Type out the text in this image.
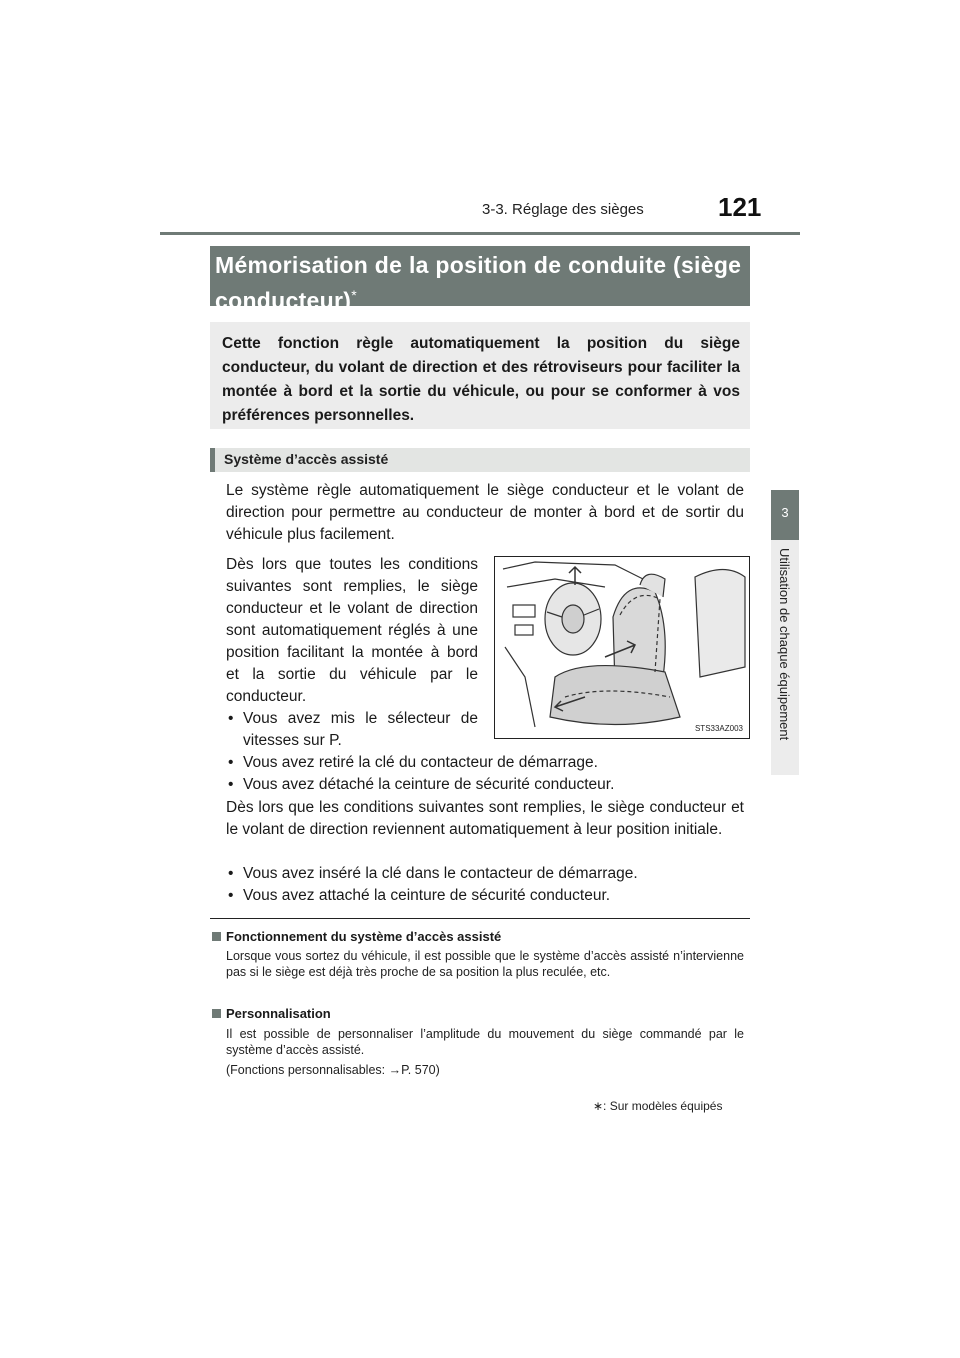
3-3. Réglage des sièges	121
3
Utilisation de chaque équipement
Mémorisation de la position de conduite (siège conducteur)*
Cette fonction règle automatiquement la position du siège conducteur, du volant de direction et des rétroviseurs pour faciliter la montée à bord et la sortie du véhicule, ou pour se conformer à vos préférences personnelles.
Système d’accès assisté
Le système règle automatiquement le siège conducteur et le volant de direction pour permettre au conducteur de monter à bord et de sortir du véhicule plus facilement.
Dès lors que toutes les conditions suivantes sont remplies, le siège conducteur et le volant de direction sont automatiquement réglés à une position facilitant la montée à bord et la sortie du véhicule par le conducteur.
• Vous avez mis le sélecteur de vitesses sur P.
• Vous avez retiré la clé du contacteur de démarrage.
• Vous avez détaché la ceinture de sécurité conducteur.
Dès lors que les conditions suivantes sont remplies, le siège conducteur et le volant de direction reviennent automatiquement à leur position initiale.
• Vous avez inséré la clé dans le contacteur de démarrage.
• Vous avez attaché la ceinture de sécurité conducteur.
STS33AZ003
Fonctionnement du système d’accès assisté
Lorsque vous sortez du véhicule, il est possible que le système d’accès assisté n’intervienne pas si le siège est déjà très proche de sa position la plus reculée, etc.
Personnalisation
Il est possible de personnaliser l’amplitude du mouvement du siège commandé par le système d’accès assisté.
(Fonctions personnalisables: →P. 570)
∗: Sur modèles équipés
